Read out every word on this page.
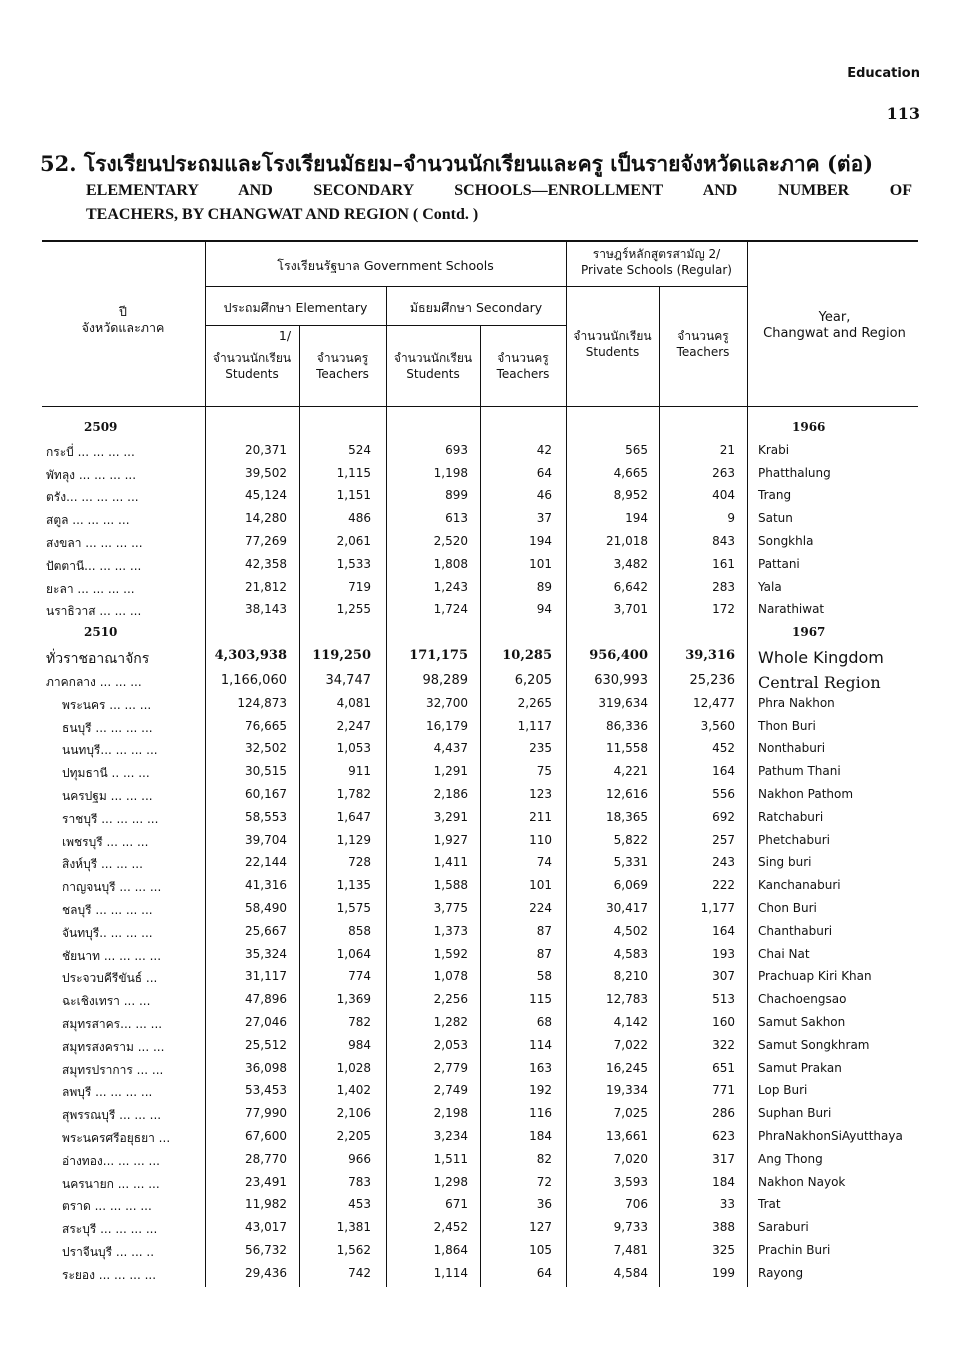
Education
113
52. โรงเรียนประถมและโรงเรียนมัธยม–จำนวนนักเรียนและครู เป็นรายจังหวัดและภาค (ต่อ)
ELEMENTARY AND SECONDARY SCHOOLS—ENROLLMENT AND NUMBER OF
TEACHERS, BY CHANGWAT AND REGION ( Contd. )
ปี
จังหวัดและภาค
โรงเรียนรัฐบาล Government Schools
ราษฎร์หลักสูตรสามัญ 2/
Private Schools (Regular)
ประถมศึกษา Elementary	มัธยมศึกษา Secondary
1/
จำนวนนักเรียน
Students
จำนวนครู
Teachers
จำนวนนักเรียน
Students
จำนวนครู
Teachers
จำนวนนักเรียน
Students
จำนวนครู
Teachers
Year,
Changwat and Region
2509	1966
กระบี่ ... ... ... ...	20,371	524	693	42	565	21 Krabi
พัทลุง ... ... ... ...	39,502	1,115	1,198	64	4,665	263 Phatthalung
ตรัง... ... ... ... ...	45,124	1,151	899	46	8,952	404 Trang
สตูล ... ... ... ...	14,280	486	613	37	194	9 Satun
สงขลา ... ... ... ...	77,269	2,061	2,520	194	21,018	843 Songkhla
ปัตตานี... ... ... ...	42,358	1,533	1,808	101	3,482	161 Pattani
ยะลา ... ... ... ...	21,812	719	1,243	89	6,642	283 Yala
นราธิวาส ... ... ...	38,143	1,255	1,724	94	3,701	172 Narathiwat
2510	1967
ทั่วราชอาณาจักร	4,303,938	119,250	171,175	10,285	956,400	39,316 Whole Kingdom
ภาคกลาง ... ... ...	1,166,060	34,747	98,289	6,205	630,993	25,236 Central Region
พระนคร ... ... ...	124,873	4,081	32,700	2,265	319,634	12,477 Phra Nakhon
ธนบุรี ... ... ... ...	76,665	2,247	16,179	1,117	86,336	3,560 Thon Buri
นนทบุรี... ... ... ...	32,502	1,053	4,437	235	11,558	452 Nonthaburi
ปทุมธานี .. ... ...	30,515	911	1,291	75	4,221	164 Pathum Thani
นครปฐม ... ... ...	60,167	1,782	2,186	123	12,616	556 Nakhon Pathom
ราชบุรี ... ... ... ...	58,553	1,647	3,291	211	18,365	692 Ratchaburi
เพชรบุรี ... ... ...	39,704	1,129	1,927	110	5,822	257 Phetchaburi
สิงห์บุรี ... ... ...	22,144	728	1,411	74	5,331	243 Sing buri
กาญจนบุรี ... ... ...	41,316	1,135	1,588	101	6,069	222 Kanchanaburi
ชลบุรี ... ... ... ...	58,490	1,575	3,775	224	30,417	1,177 Chon Buri
จันทบุรี.. ... ... ...	25,667	858	1,373	87	4,502	164 Chanthaburi
ชัยนาท ... ... ... ...	35,324	1,064	1,592	87	4,583	193 Chai Nat
ประจวบคีรีขันธ์ ...	31,117	774	1,078	58	8,210	307 Prachuap Kiri Khan
ฉะเชิงเทรา ... ...	47,896	1,369	2,256	115	12,783	513 Chachoengsao
สมุทรสาคร... ... ...	27,046	782	1,282	68	4,142	160 Samut Sakhon
สมุทรสงคราม ... ...	25,512	984	2,053	114	7,022	322 Samut Songkhram
สมุทรปราการ ... ...	36,098	1,028	2,779	163	16,245	651 Samut Prakan
ลพบุรี ... ... ... ...	53,453	1,402	2,749	192	19,334	771 Lop Buri
สุพรรณบุรี ... ... ...	77,990	2,106	2,198	116	7,025	286 Suphan Buri
พระนครศรีอยุธยา ...	67,600	2,205	3,234	184	13,661	623 PhraNakhonSiAyutthaya
อ่างทอง... ... ... ...	28,770	966	1,511	82	7,020	317 Ang Thong
นครนายก ... ... ...	23,491	783	1,298	72	3,593	184 Nakhon Nayok
ตราด ... ... ... ...	11,982	453	671	36	706	33 Trat
สระบุรี ... ... ... ...	43,017	1,381	2,452	127	9,733	388 Saraburi
ปราจีนบุรี ... ... ..	56,732	1,562	1,864	105	7,481	325 Prachin Buri
ระยอง ... ... ... ...	29,436	742	1,114	64	4,584	199 Rayong
